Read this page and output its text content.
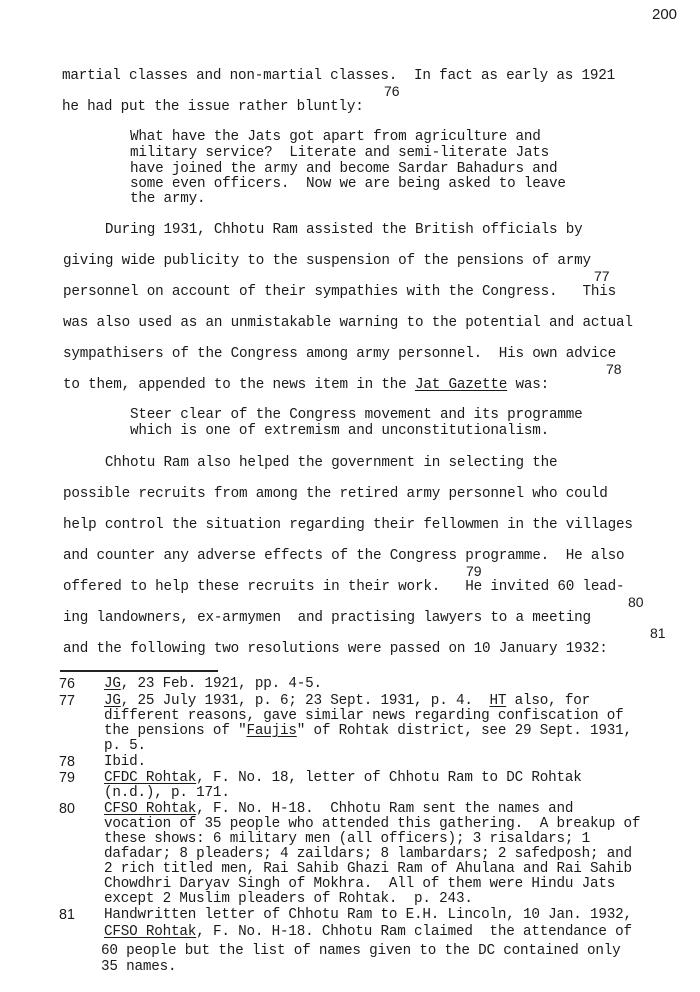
200
martial classes and non-martial classes.  In fact as early as 1921
76
he had put the issue rather bluntly:
What have the Jats got apart from agriculture and
military service?  Literate and semi-literate Jats
have joined the army and become Sardar Bahadurs and
some even officers.  Now we are being asked to leave
the army.
During 1931, Chhotu Ram assisted the British officials by
giving wide publicity to the suspension of the pensions of army
77
personnel on account of their sympathies with the Congress.   This
was also used as an unmistakable warning to the potential and actual
sympathisers of the Congress among army personnel.  His own advice
78
to them, appended to the news item in the Jat Gazette was:
Steer clear of the Congress movement and its programme
which is one of extremism and unconstitutionalism.
Chhotu Ram also helped the government in selecting the
possible recruits from among the retired army personnel who could
help control the situation regarding their fellowmen in the villages
and counter any adverse effects of the Congress programme.  He also
79
offered to help these recruits in their work.   He invited 60 lead-
80
ing landowners, ex-armymen  and practising lawyers to a meeting
81
and the following two resolutions were passed on 10 January 1932:
76 JG, 23 Feb. 1921, pp. 4-5.
77 JG, 25 July 1931, p. 6; 23 Sept. 1931, p. 4.  HT also, for
different reasons, gave similar news regarding confiscation of
the pensions of "Faujis" of Rohtak district, see 29 Sept. 1931,
p. 5.
78 Ibid.
79 CFDC Rohtak, F. No. 18, letter of Chhotu Ram to DC Rohtak
(n.d.), p. 171.
80 CFSO Rohtak, F. No. H-18.  Chhotu Ram sent the names and
vocation of 35 people who attended this gathering.  A breakup of
these shows: 6 military men (all officers); 3 risaldars; 1
dafadar; 8 pleaders; 4 zaildars; 8 lambardars; 2 safedposh; and
2 rich titled men, Rai Sahib Ghazi Ram of Ahulana and Rai Sahib
Chowdhri Daryav Singh of Mokhra.  All of them were Hindu Jats
except 2 Muslim pleaders of Rohtak.  p. 243.
81 Handwritten letter of Chhotu Ram to E.H. Lincoln, 10 Jan. 1932,
CFSO Rohtak, F. No. H-18. Chhotu Ram claimed  the attendance of
60 people but the list of names given to the DC contained only
35 names.
